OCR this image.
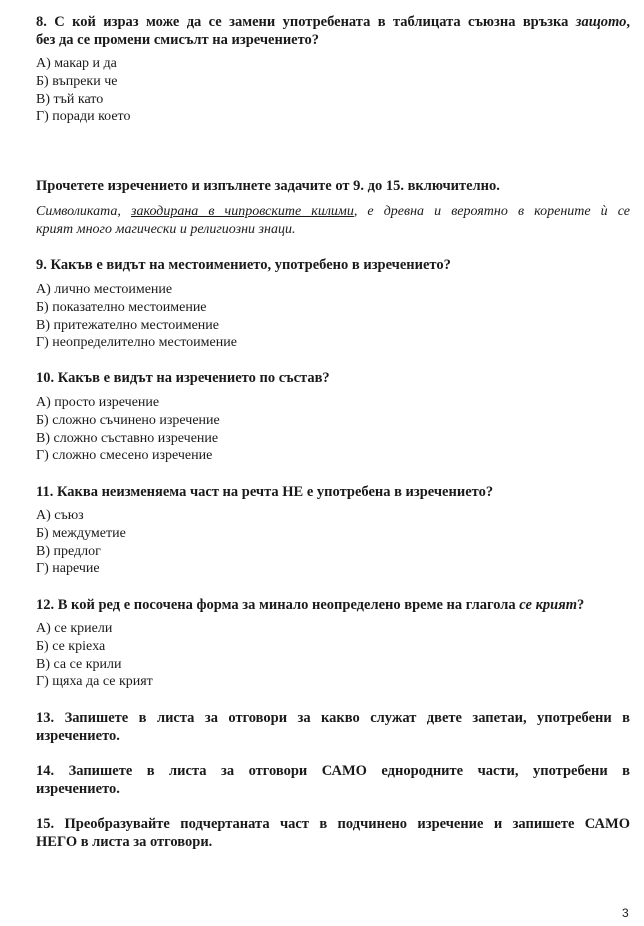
8. С кой израз може да се замени употребената в таблицата съюзна връзка защото,
без да се промени смисълт на изречението?
А) макар и да
Б) въпреки че
В) тъй като
Г) поради което
Прочетете изречението и изпълнете задачите от 9. до 15. включително.
Символиката, закодирана в чипровските килими, е древна и вероятно в корените ѝ се
крият много магически и религиозни знаци.
9. Какъв е видът на местоимението, употребено в изречението?
А) лично местоимение
Б) показателно местоимение
В) притежателно местоимение
Г) неопределително местоимение
10. Какъв е видът на изречението по състав?
А) просто изречение
Б) сложно съчинено изречение
В) сложно съставно изречение
Г) сложно смесено изречение
11. Каква неизменяема част на речта НЕ е употребена в изречението?
А) съюз
Б) междуметие
В) предлог
Г) наречие
12. В кой ред е посочена форма за минало неопределено време на глагола се крият?
А) се криели
Б) се крieха
В) са се крили
Г) щяха да се крият
13. Запишете в листа за отговори за какво служат двете запетаи, употребени в
изречението.
14. Запишете в листа за отговори САМО еднородните части, употребени в
изречението.
15. Преобразувайте подчертаната част в подчинено изречение и запишете САМО
НЕГО в листа за отговори.
3
